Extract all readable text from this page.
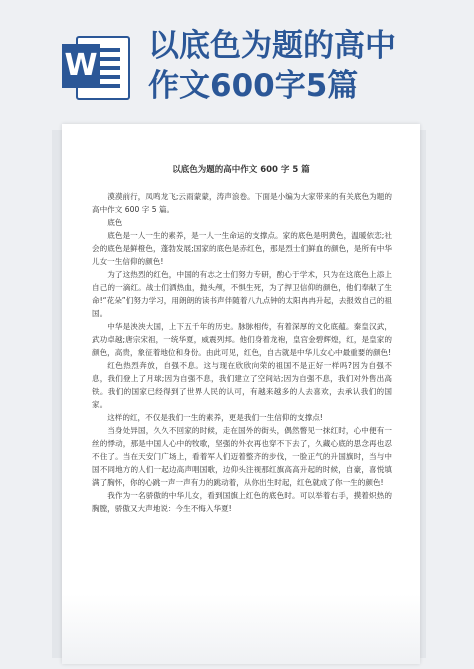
W
以底色为题的高中作文600字5篇
以底色为题的高中作文 600 字 5 篇

漠漠前行，凤鸣龙飞;云雨蒙蒙，涛声浪卷。下面是小编为大家带来的有关底色为题的高中作文 600 字 5 篇。

底色

底色是一人一生的素养，是一人一生命运的支撑点。家的底色是明黄色，温暖依恋;社会的底色是鲜橙色，蓬勃发展;国家的底色是赤红色，那是烈士们鲜血的颜色，是所有中华儿女一生信仰的颜色!

为了这热烈的红色，中国的有志之士们努力专研，酌心于学术，只为在这底色上添上自己的一滴红。战士们洒热血，抛头颅，不惧生死，为了捍卫信仰的颜色，他们奉献了生命!“花朵”们努力学习，用朗朗的读书声伴随着八九点钟的太阳冉冉升起，去报效自己的祖国。

中华是泱泱大国，上下五千年的历史。脉脉相传，有着深厚的文化底蕴。秦皇汉武，武功卓越;唐宗宋祖，一统华夏，威震列邦。他们身着龙袍，皇宫金碧辉煌，红，是皇家的颜色，高贵，象征着地位和身份。由此可见，红色，自古就是中华儿女心中最重要的颜色!

红色热烈奔放，自强不息。这与现在欣欣向荣的祖国不是正好一样吗?因为自强不息，我们登上了月球;因为自强不息，我们建立了空间站;因为自强不息，我们对外售出高铁。我们的国家已经得到了世界人民的认可，有越来越多的人去喜欢，去承认我们的国家。

这样的红，不仅是我们一生的素养，更是我们一生信仰的支撑点!

当身处异国，久久不回家的时候，走在国外的街头，偶然瞥见一抹红时，心中便有一丝的悸动，那是中国人心中的牧歌，坚强的外衣再也穿不下去了，久藏心底的思念再也忍不住了。当在天安门广场上，看着军人们迈着整齐的步伐，一脸正气的升国旗时，当与中国不同地方的人们一起边高声唱国歌，边仰头注视那红旗高高升起的时候，自豪，喜悦填满了胸怀，你的心跳一声一声有力的跳动着，从你出生时起，红色就成了你一生的颜色!

我作为一名骄傲的中华儿女，看到国旗上红色的底色时。可以举着右手，摸着炽热的胸膛，骄傲又大声地说：今生不悔入华夏!
